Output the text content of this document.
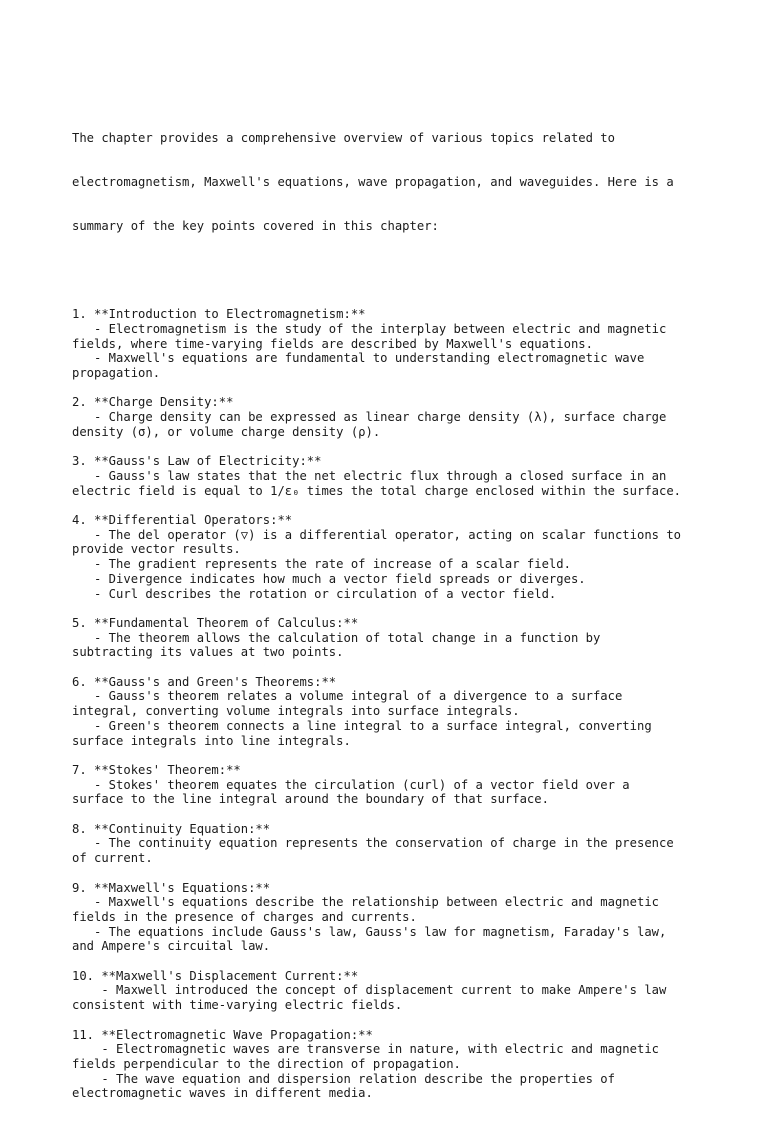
The chapter provides a comprehensive overview of various topics related to

electromagnetism, Maxwell's equations, wave propagation, and waveguides. Here is a

summary of the key points covered in this chapter:

1. **Introduction to Electromagnetism:**
- Electromagnetism is the study of the interplay between electric and magnetic
fields, where time-varying fields are described by Maxwell's equations.
- Maxwell's equations are fundamental to understanding electromagnetic wave
propagation.
2. **Charge Density:**
- Charge density can be expressed as linear charge density (λ), surface charge
density (σ), or volume charge density (ρ).
3. **Gauss's Law of Electricity:**
- Gauss's law states that the net electric flux through a closed surface in an
electric field is equal to 1/ε₀ times the total charge enclosed within the surface.
4. **Differential Operators:**
- The del operator (▽) is a differential operator, acting on scalar functions to
provide vector results.
- The gradient represents the rate of increase of a scalar field.
- Divergence indicates how much a vector field spreads or diverges.
- Curl describes the rotation or circulation of a vector field.
5. **Fundamental Theorem of Calculus:**
- The theorem allows the calculation of total change in a function by
subtracting its values at two points.
6. **Gauss's and Green's Theorems:**
- Gauss's theorem relates a volume integral of a divergence to a surface
integral, converting volume integrals into surface integrals.
- Green's theorem connects a line integral to a surface integral, converting
surface integrals into line integrals.
7. **Stokes' Theorem:**
- Stokes' theorem equates the circulation (curl) of a vector field over a
surface to the line integral around the boundary of that surface.
8. **Continuity Equation:**
- The continuity equation represents the conservation of charge in the presence
of current.
9. **Maxwell's Equations:**
- Maxwell's equations describe the relationship between electric and magnetic
fields in the presence of charges and currents.
- The equations include Gauss's law, Gauss's law for magnetism, Faraday's law,
and Ampere's circuital law.
10. **Maxwell's Displacement Current:**
- Maxwell introduced the concept of displacement current to make Ampere's law
consistent with time-varying electric fields.
11. **Electromagnetic Wave Propagation:**
- Electromagnetic waves are transverse in nature, with electric and magnetic
fields perpendicular to the direction of propagation.
- The wave equation and dispersion relation describe the properties of
electromagnetic waves in different media.
